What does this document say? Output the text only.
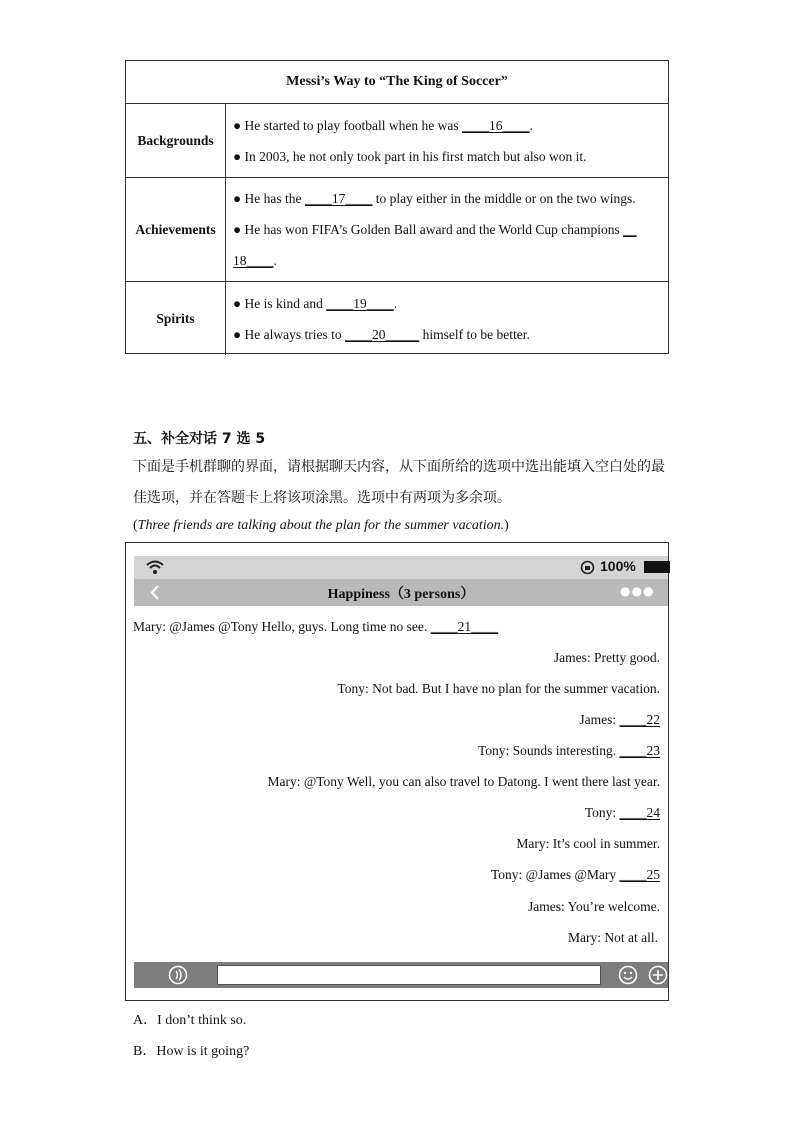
Messi’s Way to “The King of Soccer”
Backgrounds
● He started to play football when he was ____16____.
● In 2003, he not only took part in his first match but also won it.
Achievements
● He has the ____17____ to play either in the middle or on the two wings.
● He has won FIFA’s Golden Ball award and the World Cup champions __
18____.
Spirits
● He is kind and ____19____.
● He always tries to ____20_____ himself to be better.
五、补全对话 7 选 5
下面是手机群聊的界面，请根据聊天内容，从下面所给的选项中选出能填入空白处的最
佳选项，并在答题卡上将该项涂黑。选项中有两项为多余项。
(Three friends are talking about the plan for the summer vacation.)
100%
Happiness（3 persons）	●●●
Mary: @James @Tony Hello, guys. Long time no see. ____21____
James: Pretty good.
Tony: Not bad. But I have no plan for the summer vacation.
James: ____22
Tony: Sounds interesting. ____23
Mary: @Tony Well, you can also travel to Datong. I went there last year.
Tony: ____24
Mary: It’s cool in summer.
Tony: @James @Mary ____25
James: You’re welcome.
Mary: Not at all.
A．I don’t think so.
B．How is it going?
